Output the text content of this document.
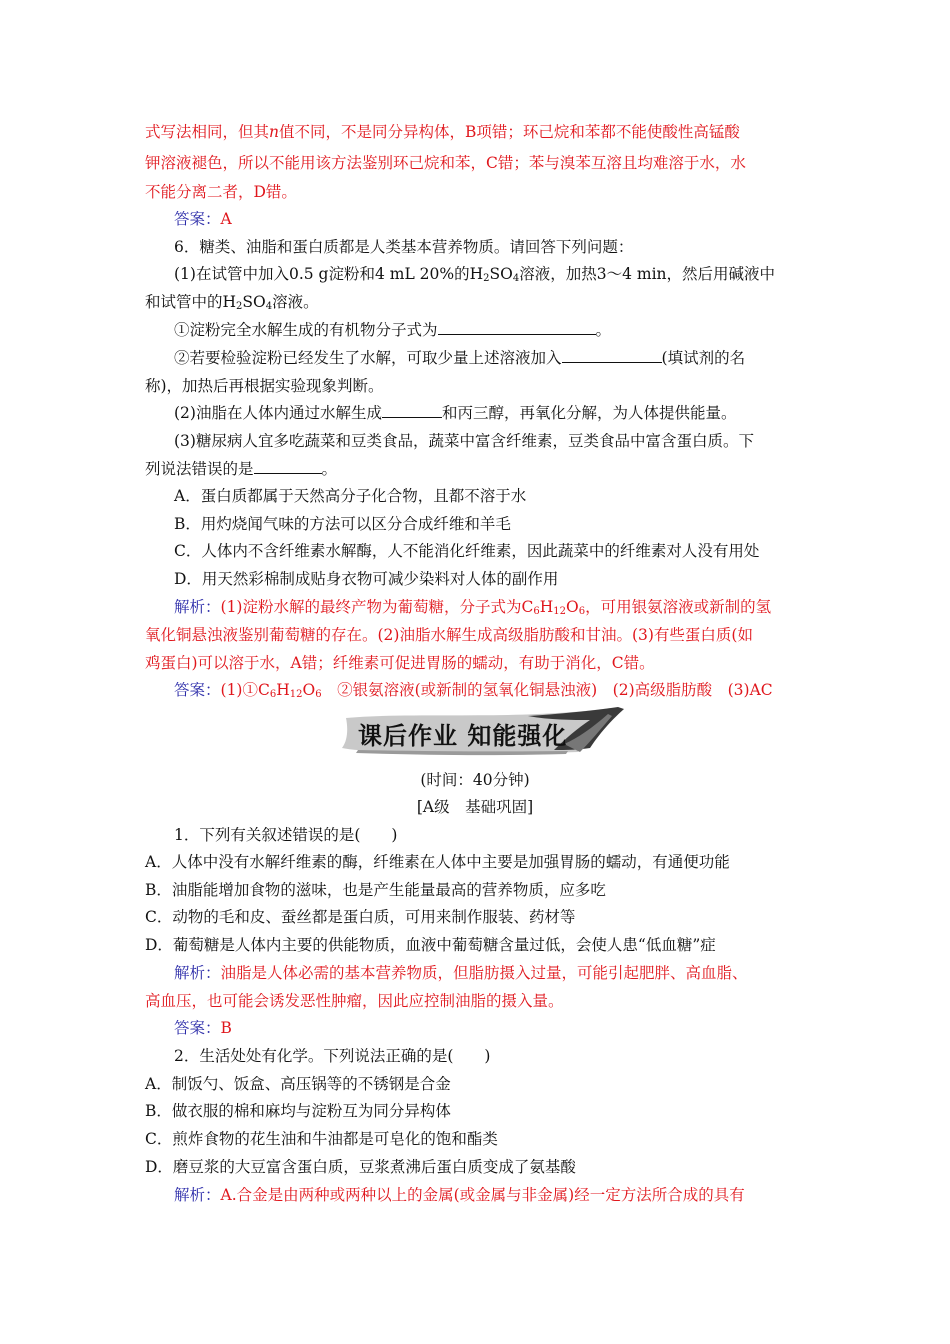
式写法相同，但其n值不同，不是同分异构体，B项错；环己烷和苯都不能使酸性高锰酸
钾溶液褪色，所以不能用该方法鉴别环己烷和苯，C错；苯与溴苯互溶且均难溶于水，水
不能分离二者，D错。
答案：A
6．糖类、油脂和蛋白质都是人类基本营养物质。请回答下列问题：
(1)在试管中加入0.5 g淀粉和4 mL 20%的$H_2SO_4$溶液，加热3～4 min，然后用碱液中
和试管中的$H_2SO_4$溶液。
①淀粉完全水解生成的有机物分子式为	。
②若要检验淀粉已经发生了水解，可取少量上述溶液加入	(填试剂的名
称)，加热后再根据实验现象判断。
(2)油脂在人体内通过水解生成	和丙三醇，再氧化分解，为人体提供能量。
(3)糖尿病人宜多吃蔬菜和豆类食品，蔬菜中富含纤维素，豆类食品中富含蛋白质。下
列说法错误的是	。
A．蛋白质都属于天然高分子化合物，且都不溶于水
B．用灼烧闻气味的方法可以区分合成纤维和羊毛
C．人体内不含纤维素水解酶，人不能消化纤维素，因此蔬菜中的纤维素对人没有用处
D．用天然彩棉制成贴身衣物可减少染料对人体的副作用
解析：(1)淀粉水解的最终产物为葡萄糖，分子式为$C_6H_{12}O_6$，可用银氨溶液或新制的氢
氧化铜悬浊液鉴别葡萄糖的存在。(2)油脂水解生成高级脂肪酸和甘油。(3)有些蛋白质(如
鸡蛋白)可以溶于水，A错；纤维素可促进胃肠的蠕动，有助于消化，C错。
答案：$(1)①C_6H_{12}O_6$　②银氨溶液(或新制的氢氧化铜悬浊液)　(2)高级脂肪酸　(3)AC
课后作业 知能强化
(时间：40分钟)
[A级　基础巩固]
1．下列有关叙述错误的是(　　)
A．人体中没有水解纤维素的酶，纤维素在人体中主要是加强胃肠的蠕动，有通便功能
B．油脂能增加食物的滋味，也是产生能量最高的营养物质，应多吃
C．动物的毛和皮、蚕丝都是蛋白质，可用来制作服装、药材等
D．葡萄糖是人体内主要的供能物质，血液中葡萄糖含量过低，会使人患“低血糖”症
解析：油脂是人体必需的基本营养物质，但脂肪摄入过量，可能引起肥胖、高血脂、
高血压，也可能会诱发恶性肿瘤，因此应控制油脂的摄入量。
答案：B
2．生活处处有化学。下列说法正确的是(　　)
A．制饭勺、饭盒、高压锅等的不锈钢是合金
B．做衣服的棉和麻均与淀粉互为同分异构体
C．煎炸食物的花生油和牛油都是可皂化的饱和酯类
D．磨豆浆的大豆富含蛋白质，豆浆煮沸后蛋白质变成了氨基酸
解析：A.合金是由两种或两种以上的金属(或金属与非金属)经一定方法所合成的具有
